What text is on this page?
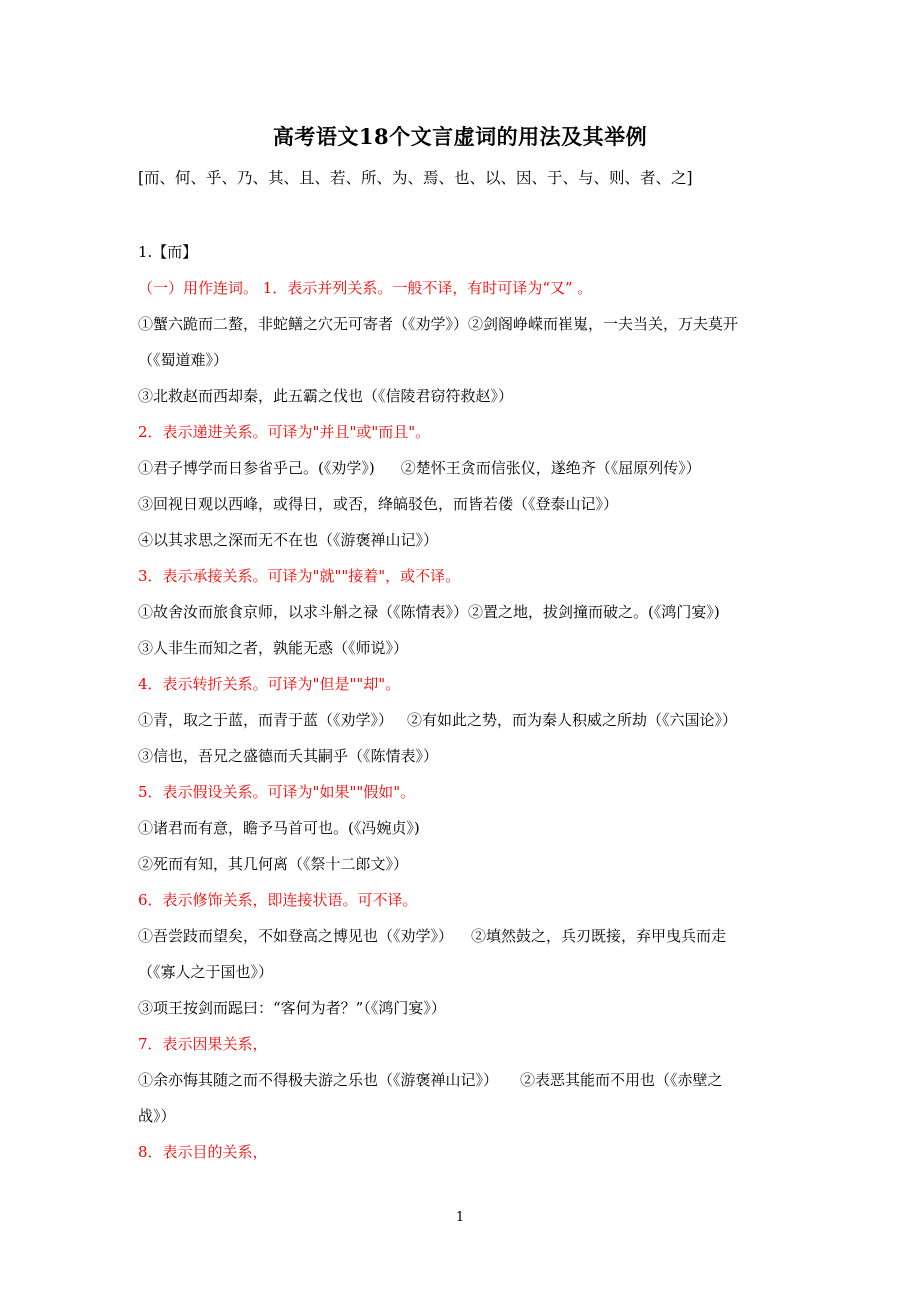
高考语文18个文言虚词的用法及其举例
[而、何、乎、乃、其、且、若、所、为、焉、也、以、因、于、与、则、者、之]
1.【而】
（一）用作连词。 1．表示并列关系。一般不译，有时可译为“又” 。
①蟹六跪而二螯，非蛇鳝之穴无可寄者（《劝学》）②剑阁峥嵘而崔嵬，一夫当关，万夫莫开
（《蜀道难》）
③北救赵而西却秦，此五霸之伐也（《信陵君窃符救赵》）
2．表示递进关系。可译为"并且"或"而且"。
①君子博学而日参省乎己。(《劝学》) ②楚怀王贪而信张仪，遂绝齐（《屈原列传》）
③回视日观以西峰，或得日，或否，绛皜驳色，而皆若偻（《登泰山记》）
④以其求思之深而无不在也（《游褒禅山记》）
3．表示承接关系。可译为"就""接着"，或不译。
①故舍汝而旅食京师，以求斗斛之禄（《陈情表》）②置之地，拔剑撞而破之。(《鸿门宴》)
③人非生而知之者，孰能无惑（《师说》）
4．表示转折关系。可译为"但是""却"。
①青，取之于蓝，而青于蓝（《劝学》） ②有如此之势，而为秦人积威之所劫（《六国论》）
③信也，吾兄之盛德而夭其嗣乎（《陈情表》）
5．表示假设关系。可译为"如果""假如"。
①诸君而有意，瞻予马首可也。(《冯婉贞》)
②死而有知，其几何离（《祭十二郎文》）
6．表示修饰关系，即连接状语。可不译。
①吾尝跂而望矣，不如登高之博见也（《劝学》） ②填然鼓之，兵刃既接，弃甲曳兵而走
（《寡人之于国也》）
③项王按剑而跽曰：“客何为者？”（《鸿门宴》）
7．表示因果关系，
①余亦悔其随之而不得极夫游之乐也（《游褒禅山记》） ②表恶其能而不用也（《赤壁之
战》）
8．表示目的关系，
1
